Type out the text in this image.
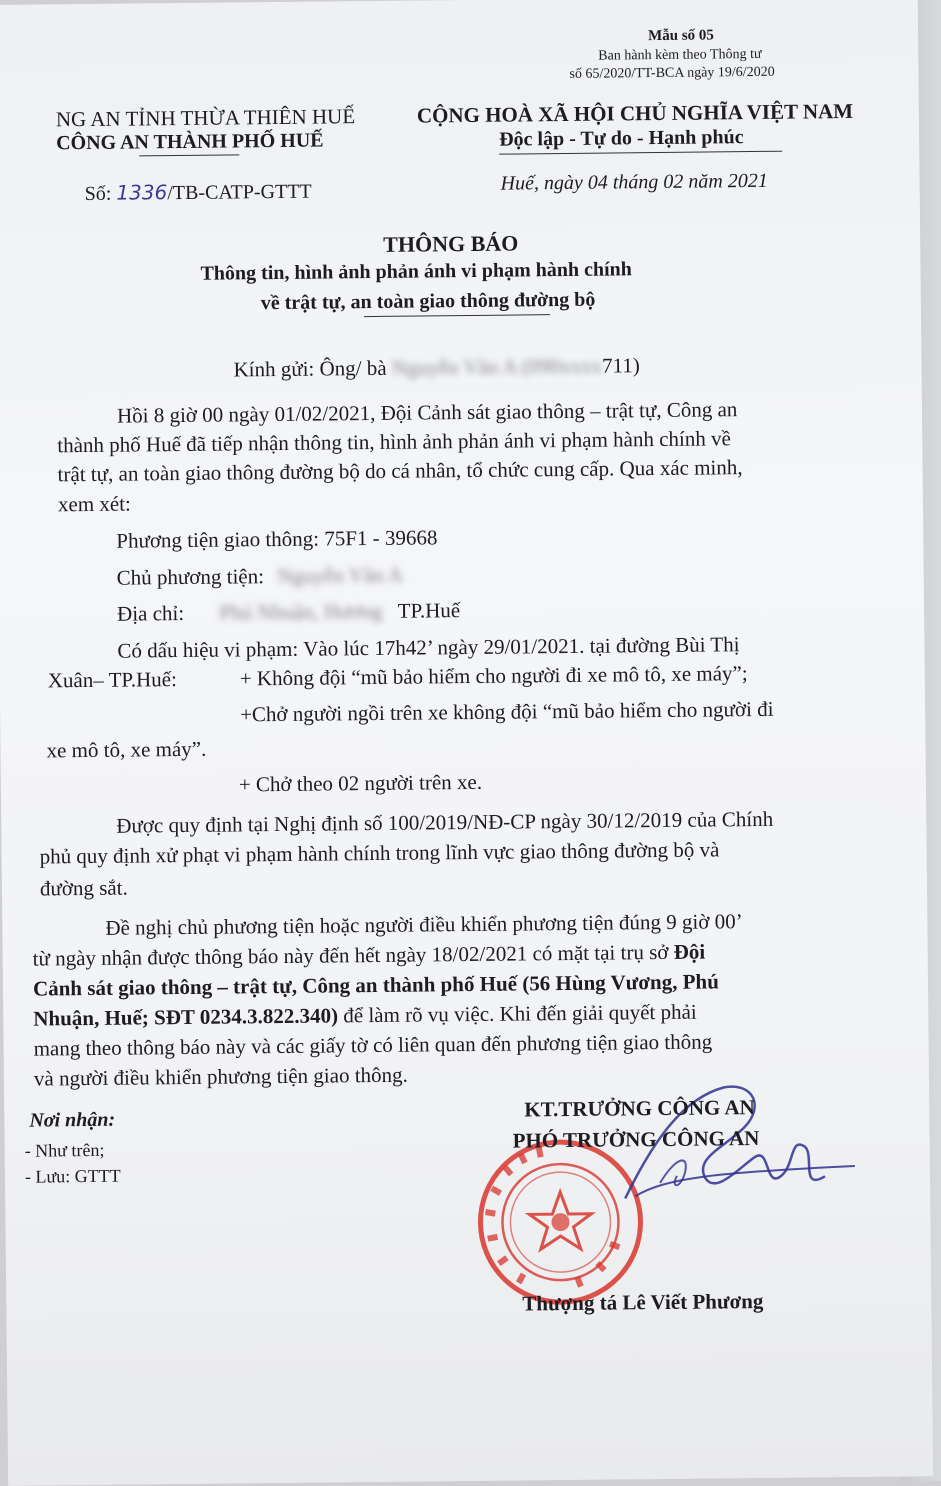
Mẫu số 05
Ban hành kèm theo Thông tư
số 65/2020/TT-BCA ngày 19/6/2020
NG AN TỈNH THỪA THIÊN HUẾ
CÔNG AN THÀNH PHỐ HUẾ
Số: 1336/TB-CATP-GTTT
CỘNG HOÀ XÃ HỘI CHỦ NGHĨA VIỆT NAM
Độc lập - Tự do - Hạnh phúc
Huế, ngày 04 tháng 02 năm 2021
THÔNG BÁO
Thông tin, hình ảnh phản ánh vi phạm hành chính
về trật tự, an toàn giao thông đường bộ
Kính gửi: Ông/ bà Nguyễn Văn A (090xxxx711)
Hồi 8 giờ 00 ngày 01/02/2021, Đội Cảnh sát giao thông – trật tự, Công an
thành phố Huế đã tiếp nhận thông tin, hình ảnh phản ánh vi phạm hành chính về
trật tự, an toàn giao thông đường bộ do cá nhân, tổ chức cung cấp. Qua xác minh,
xem xét:
Phương tiện giao thông: 75F1 - 39668
Chủ phương tiện: Nguyễn Văn A
Địa chỉ: Phú Nhuận, Hương TP.Huế
Có dấu hiệu vi phạm: Vào lúc 17h42’ ngày 29/01/2021. tại đường Bùi Thị
Xuân– TP.Huế:	+ Không đội “mũ bảo hiểm cho người đi xe mô tô, xe máy”;
+Chở người ngồi trên xe không đội “mũ bảo hiểm cho người đi
xe mô tô, xe máy”.
+ Chở theo 02 người trên xe.
Được quy định tại Nghị định số 100/2019/NĐ-CP ngày 30/12/2019 của Chính
phủ quy định xử phạt vi phạm hành chính trong lĩnh vực giao thông đường bộ và
đường sắt.
Đề nghị chủ phương tiện hoặc người điều khiển phương tiện đúng 9 giờ 00’
từ ngày nhận được thông báo này đến hết ngày 18/02/2021 có mặt tại trụ sở Đội
Cảnh sát giao thông – trật tự, Công an thành phố Huế (56 Hùng Vương, Phú
Nhuận, Huế; SĐT 0234.3.822.340) để làm rõ vụ việc. Khi đến giải quyết phải
mang theo thông báo này và các giấy tờ có liên quan đến phương tiện giao thông
và người điều khiển phương tiện giao thông.
Nơi nhận:
- Như trên;
- Lưu: GTTT
KT.TRƯỞNG CÔNG AN
PHÓ TRƯỞNG CÔNG AN
Thượng tá Lê Viết Phương
